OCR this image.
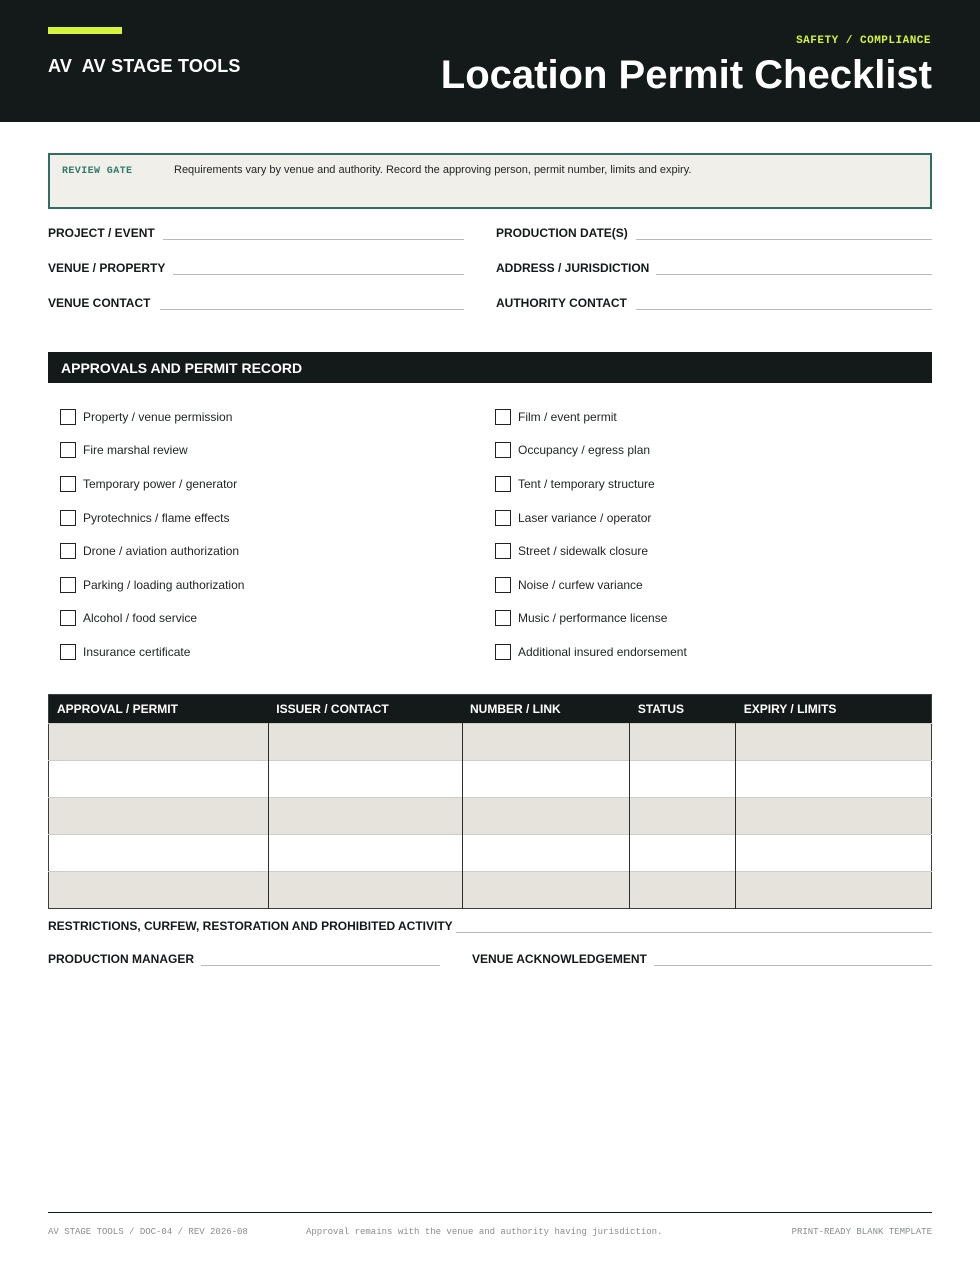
AV  AV STAGE TOOLS
SAFETY / COMPLIANCE
Location Permit Checklist
REVIEW GATE	Requirements vary by venue and authority. Record the approving person, permit number, limits and expiry.
PROJECT / EVENT	PRODUCTION DATE(S)
VENUE / PROPERTY	ADDRESS / JURISDICTION
VENUE CONTACT	AUTHORITY CONTACT
APPROVALS AND PERMIT RECORD
Property / venue permission
Fire marshal review
Temporary power / generator
Pyrotechnics / flame effects
Drone / aviation authorization
Parking / loading authorization
Alcohol / food service
Insurance certificate
Film / event permit
Occupancy / egress plan
Tent / temporary structure
Laser variance / operator
Street / sidewalk closure
Noise / curfew variance
Music / performance license
Additional insured endorsement
APPROVAL / PERMIT	ISSUER / CONTACT	NUMBER / LINK	STATUS	EXPIRY / LIMITS

RESTRICTIONS, CURFEW, RESTORATION AND PROHIBITED ACTIVITY
PRODUCTION MANAGER	VENUE ACKNOWLEDGEMENT
AV STAGE TOOLS / DOC-04 / REV 2026-08	Approval remains with the venue and authority having jurisdiction.	PRINT-READY BLANK TEMPLATE
